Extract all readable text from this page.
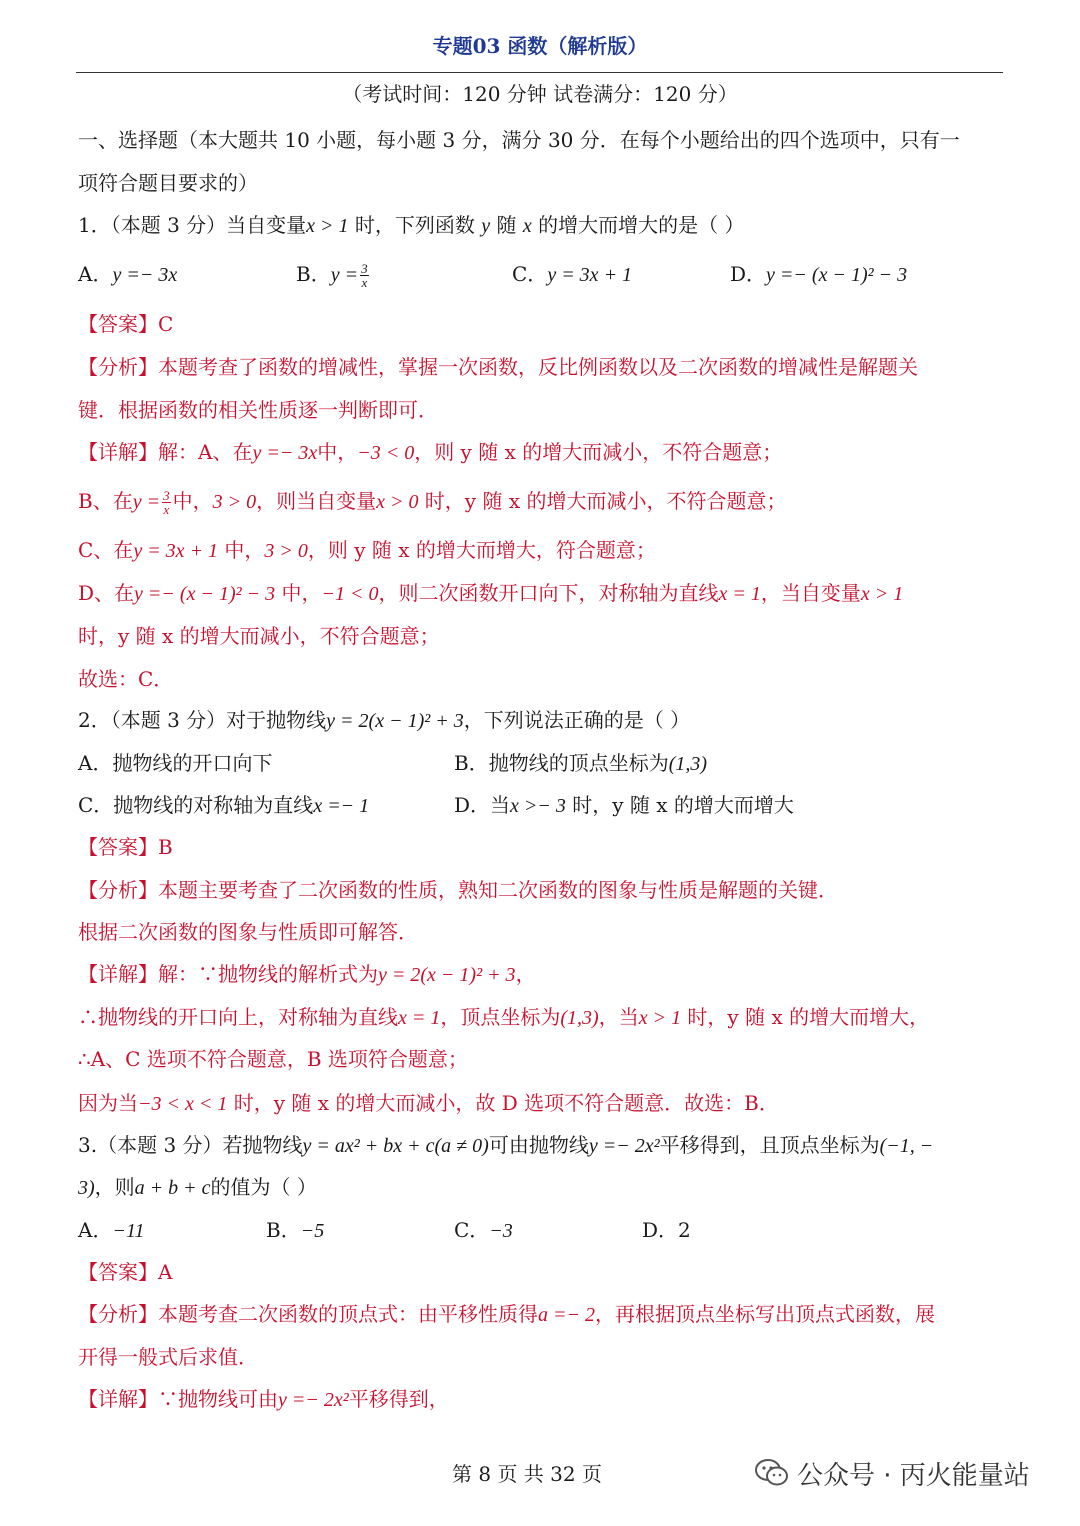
专题03 函数（解析版）
（考试时间：120 分钟 试卷满分：120 分）
一、选择题（本大题共 10 小题，每小题 3 分，满分 30 分．在每个小题给出的四个选项中，只有一
项符合题目要求的）
1．（本题 3 分）当自变量x > 1 时，下列函数 y 随 x 的增大而增大的是（ ）
A．y =− 3x	B．$y = \frac{3}{x}$	C．y = 3x + 1	D．y =− (x − 1)² − 3
【答案】C
【分析】本题考查了函数的增减性，掌握一次函数，反比例函数以及二次函数的增减性是解题关
键．根据函数的相关性质逐一判断即可．
【详解】解：A、在y =− 3x中，−3 < 0，则 y 随 x 的增大而减小，不符合题意；
B、在$y = \frac{3}{x}$ 中，3 > 0，则当自变量x > 0 时，y 随 x 的增大而减小，不符合题意；
C、在y = 3x + 1 中，3 > 0，则 y 随 x 的增大而增大，符合题意；
D、在y =− (x − 1)² − 3 中，−1 < 0，则二次函数开口向下，对称轴为直线x = 1，当自变量x > 1
时，y 随 x 的增大而减小，不符合题意；
故选：C．
2．（本题 3 分）对于抛物线y = 2(x − 1)² + 3，下列说法正确的是（ ）
A．抛物线的开口向下	B．抛物线的顶点坐标为(1,3)
C．抛物线的对称轴为直线x =− 1	D．当x >− 3 时，y 随 x 的增大而增大
【答案】B
【分析】本题主要考查了二次函数的性质，熟知二次函数的图象与性质是解题的关键．
根据二次函数的图象与性质即可解答．
【详解】解：∵抛物线的解析式为y = 2(x − 1)² + 3，
∴抛物线的开口向上，对称轴为直线x = 1，顶点坐标为(1,3)，当x > 1 时，y 随 x 的增大而增大，
∴A、C 选项不符合题意，B 选项符合题意；
因为当−3 < x < 1 时，y 随 x 的增大而减小，故 D 选项不符合题意．故选：B．
3.（本题 3 分）若抛物线y = ax² + bx + c(a ≠ 0)可由抛物线y =− 2x²平移得到，且顶点坐标为(−1, −
3)，则a + b + c的值为（ ）
A．−11	B．−5	C．−3	D．2
【答案】A
【分析】本题考查二次函数的顶点式：由平移性质得a =− 2，再根据顶点坐标写出顶点式函数，展
开得一般式后求值．
【详解】∵抛物线可由y =− 2x²平移得到，
第 8 页 共 32 页	公众号 · 丙火能量站
